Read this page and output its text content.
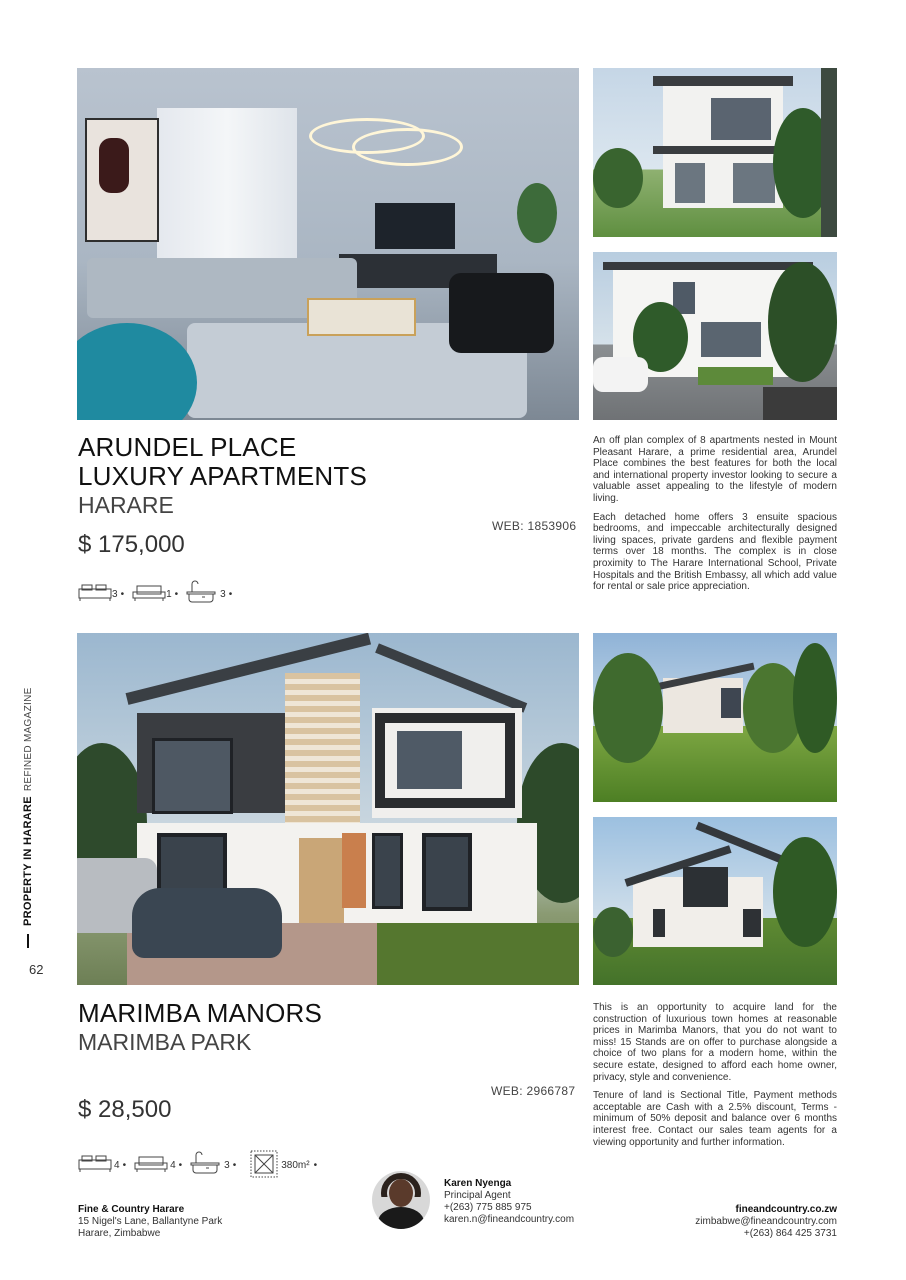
ARUNDEL PLACE
LUXURY APARTMENTS
HARARE
$ 175,000
WEB: 1853906
3 •	1 •	3 •

An off plan complex of 8 apartments nested in Mount Pleasant Harare, a prime residential area, Arundel Place combines the best features for both the local and international property investor looking to secure a valuable asset appealing to the lifestyle of modern living.

Each detached home offers 3 ensuite spacious bedrooms, and impeccable architecturally designed living spaces, private gardens and flexible payment terms over 18 months. The complex is in close proximity to The Harare International School, Private Hospitals and the British Embassy, all which add value for rental or sale price appreciation.

MARIMBA MANORS
MARIMBA PARK
$ 28,500
WEB: 2966787
4 •	4 •	3 •	380m² •

This is an opportunity to acquire land for the construction of luxurious town homes at reasonable prices in Marimba Manors, that you do not want to miss! 15 Stands are on offer to purchase alongside a choice of two plans for a modern home, within the secure estate, designed to afford each home owner, privacy, style and convenience.

Tenure of land is Sectional Title, Payment methods acceptable are Cash with a 2.5% discount, Terms - minimum of 50% deposit and balance over 6 months interest free. Contact our sales team agents for a viewing opportunity and further information.

PROPERTY IN HARARE
REFINED MAGAZINE
62
Fine & Country Harare
15 Nigel's Lane, Ballantyne Park
Harare, Zimbabwe
Karen Nyenga
Principal Agent
+(263) 775 885 975
karen.n@fineandcountry.com
fineandcountry.co.zw
zimbabwe@fineandcountry.com
+(263) 864 425 3731
